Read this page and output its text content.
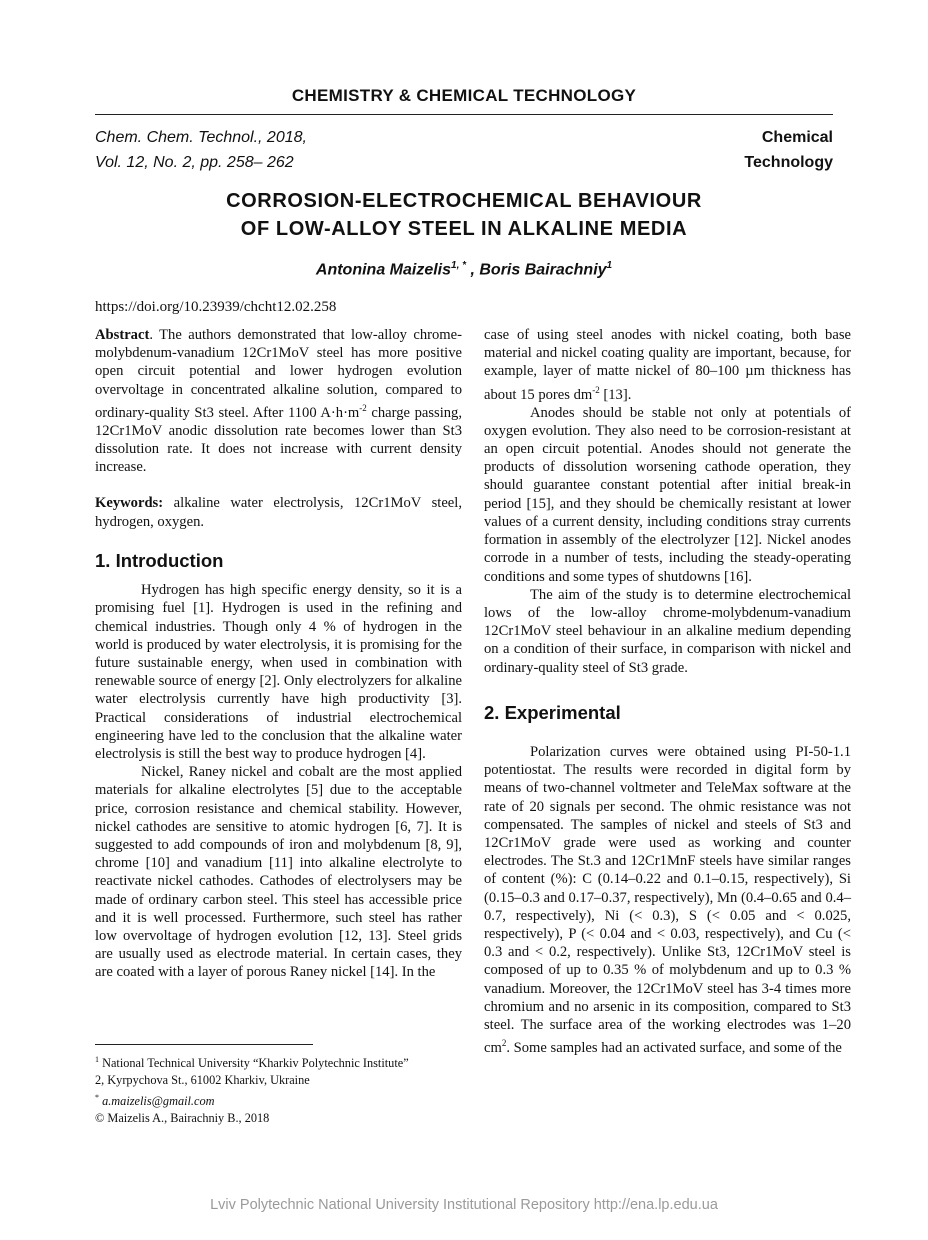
CHEMISTRY & CHEMICAL TECHNOLOGY
Chem. Chem. Technol., 2018,
Vol. 12, No. 2, pp. 258– 262
Chemical
Technology
CORROSION-ELECTROCHEMICAL BEHAVIOUR
OF LOW-ALLOY STEEL IN ALKALINE MEDIA
Antonina Maizelis$^{1, *}$ , Boris Bairachniy$^1$
https://doi.org/10.23939/chcht12.02.258

Abstract. The authors demonstrated that low-alloy chrome-molybdenum-vanadium 12Cr1MoV steel has more positive open circuit potential and lower hydrogen evolution overvoltage in concentrated alkaline solution, compared to ordinary-quality St3 steel. After 1100 $A\cdot h\cdot m^{-2}$ charge passing, 12Cr1MoV anodic dissolution rate becomes lower than St3 dissolution rate. It does not increase with current density increase.

Keywords: alkaline water electrolysis, 12Cr1MoV steel, hydrogen, oxygen.

1. Introduction

Hydrogen has high specific energy density, so it is a promising fuel [1]. Hydrogen is used in the refining and chemical industries. Though only 4 % of hydrogen in the world is produced by water electrolysis, it is promising for the future sustainable energy, when used in combination with renewable source of energy [2]. Only electrolyzers for alkaline water electrolysis currently have high productivity [3]. Practical considerations of industrial electrochemical engineering have led to the conclusion that the alkaline water electrolysis is still the best way to produce hydrogen [4].

Nickel, Raney nickel and cobalt are the most applied materials for alkaline electrolytes [5] due to the acceptable price, corrosion resistance and chemical stability. However, nickel cathodes are sensitive to atomic hydrogen [6, 7]. It is suggested to add compounds of iron and molybdenum [8, 9], chrome [10] and vanadium [11] into alkaline electrolyte to reactivate nickel cathodes. Cathodes of electrolysers may be made of ordinary carbon steel. This steel has accessible price and it is well processed. Furthermore, such steel has rather low overvoltage of hydrogen evolution [12, 13]. Steel grids are usually used as electrode material. In certain cases, they are coated with a layer of porous Raney nickel [14]. In the

case of using steel anodes with nickel coating, both base material and nickel coating quality are important, because, for example, layer of matte nickel of 80–100 µm thickness has about 15 pores $dm^{-2}$ [13].

Anodes should be stable not only at potentials of oxygen evolution. They also need to be corrosion-resistant at an open circuit potential. Anodes should not generate the products of dissolution worsening cathode operation, they should guarantee constant potential after initial break-in period [15], and they should be chemically resistant at lower values of a current density, including conditions stray currents formation in assembly of the electrolyzer [12]. Nickel anodes corrode in a number of tests, including the steady-operating conditions and some types of shutdowns [16].

The aim of the study is to determine electrochemical lows of the low-alloy chrome-molybdenum-vanadium 12Cr1MoV steel behaviour in an alkaline medium depending on a condition of their surface, in comparison with nickel and ordinary-quality steel of St3 grade.

2. Experimental

Polarization curves were obtained using PI-50-1.1 potentiostat. The results were recorded in digital form by means of two-channel voltmeter and TeleMax software at the rate of 20 signals per second. The ohmic resistance was not compensated. The samples of nickel and steels of St3 and 12Cr1MoV grade were used as working and counter electrodes. The St.3 and 12Cr1MnF steels have similar ranges of content (%): C (0.14–0.22 and 0.1–0.15, respectively), Si (0.15–0.3 and 0.17–0.37, respectively), Mn (0.4–0.65 and 0.4–0.7, respectively), Ni (< 0.3), S (< 0.05 and < 0.025, respectively), P (< 0.04 and < 0.03, respectively), and Cu (< 0.3 and < 0.2, respectively). Unlike St3, 12Cr1MoV steel is composed of up to 0.35 % of molybdenum and up to 0.3 % vanadium. Moreover, the 12Cr1MoV steel has 3-4 times more chromium and no arsenic in its composition, compared to St3 steel. The surface area of the working electrodes was 1–20 $cm^2$. Some samples had an activated surface, and some of the

$^1$ National Technical University “Kharkiv Polytechnic Institute”

2, Kyrpychova St., 61002 Kharkiv, Ukraine

* a.maizelis@gmail.com

© Maizelis A., Bairachniy B., 2018

Lviv Polytechnic National University Institutional Repository http://ena.lp.edu.ua
